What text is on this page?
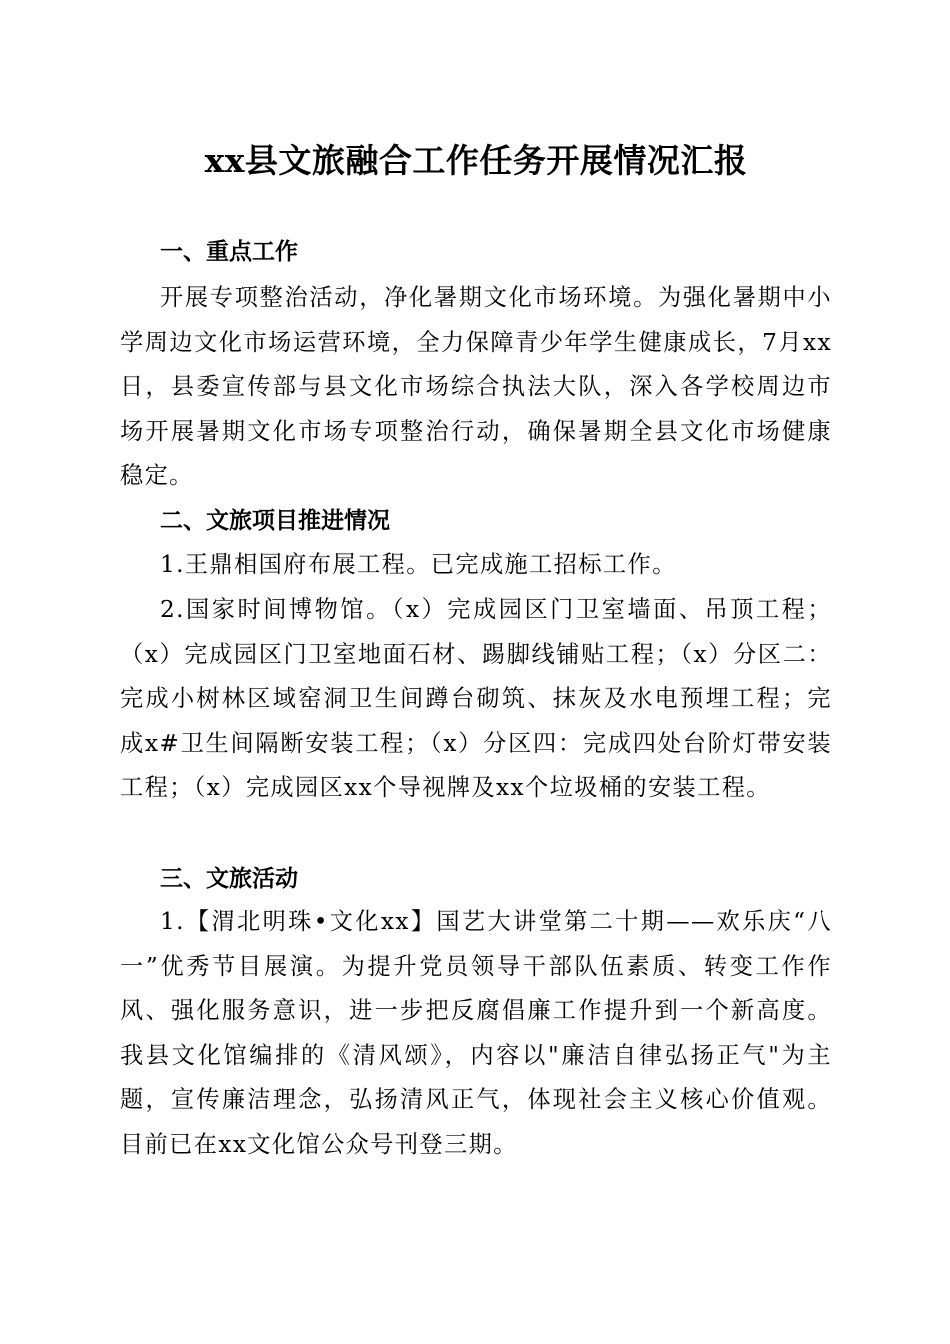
xx县文旅融合工作任务开展情况汇报
一、重点工作

开展专项整治活动，净化暑期文化市场环境。为强化暑期中小学周边文化市场运营环境，全力保障青少年学生健康成长，7月xx日，县委宣传部与县文化市场综合执法大队，深入各学校周边市场开展暑期文化市场专项整治行动，确保暑期全县文化市场健康稳定。

二、文旅项目推进情况

1.王鼎相国府布展工程。已完成施工招标工作。

2.国家时间博物馆。（x）完成园区门卫室墙面、吊顶工程；（x）完成园区门卫室地面石材、踢脚线铺贴工程；（x）分区二：完成小树林区域窑洞卫生间蹲台砌筑、抹灰及水电预埋工程；完成x#卫生间隔断安装工程；（x）分区四：完成四处台阶灯带安装工程；（x）完成园区xx个导视牌及xx个垃圾桶的安装工程。

三、文旅活动

1.【渭北明珠•文化xx】国艺大讲堂第二十期——欢乐庆“八一”优秀节目展演。为提升党员领导干部队伍素质、转变工作作风、强化服务意识，进一步把反腐倡廉工作提升到一个新高度。我县文化馆编排的《清风颂》，内容以"廉洁自律弘扬正气"为主题，宣传廉洁理念，弘扬清风正气，体现社会主义核心价值观。目前已在xx文化馆公众号刊登三期。
